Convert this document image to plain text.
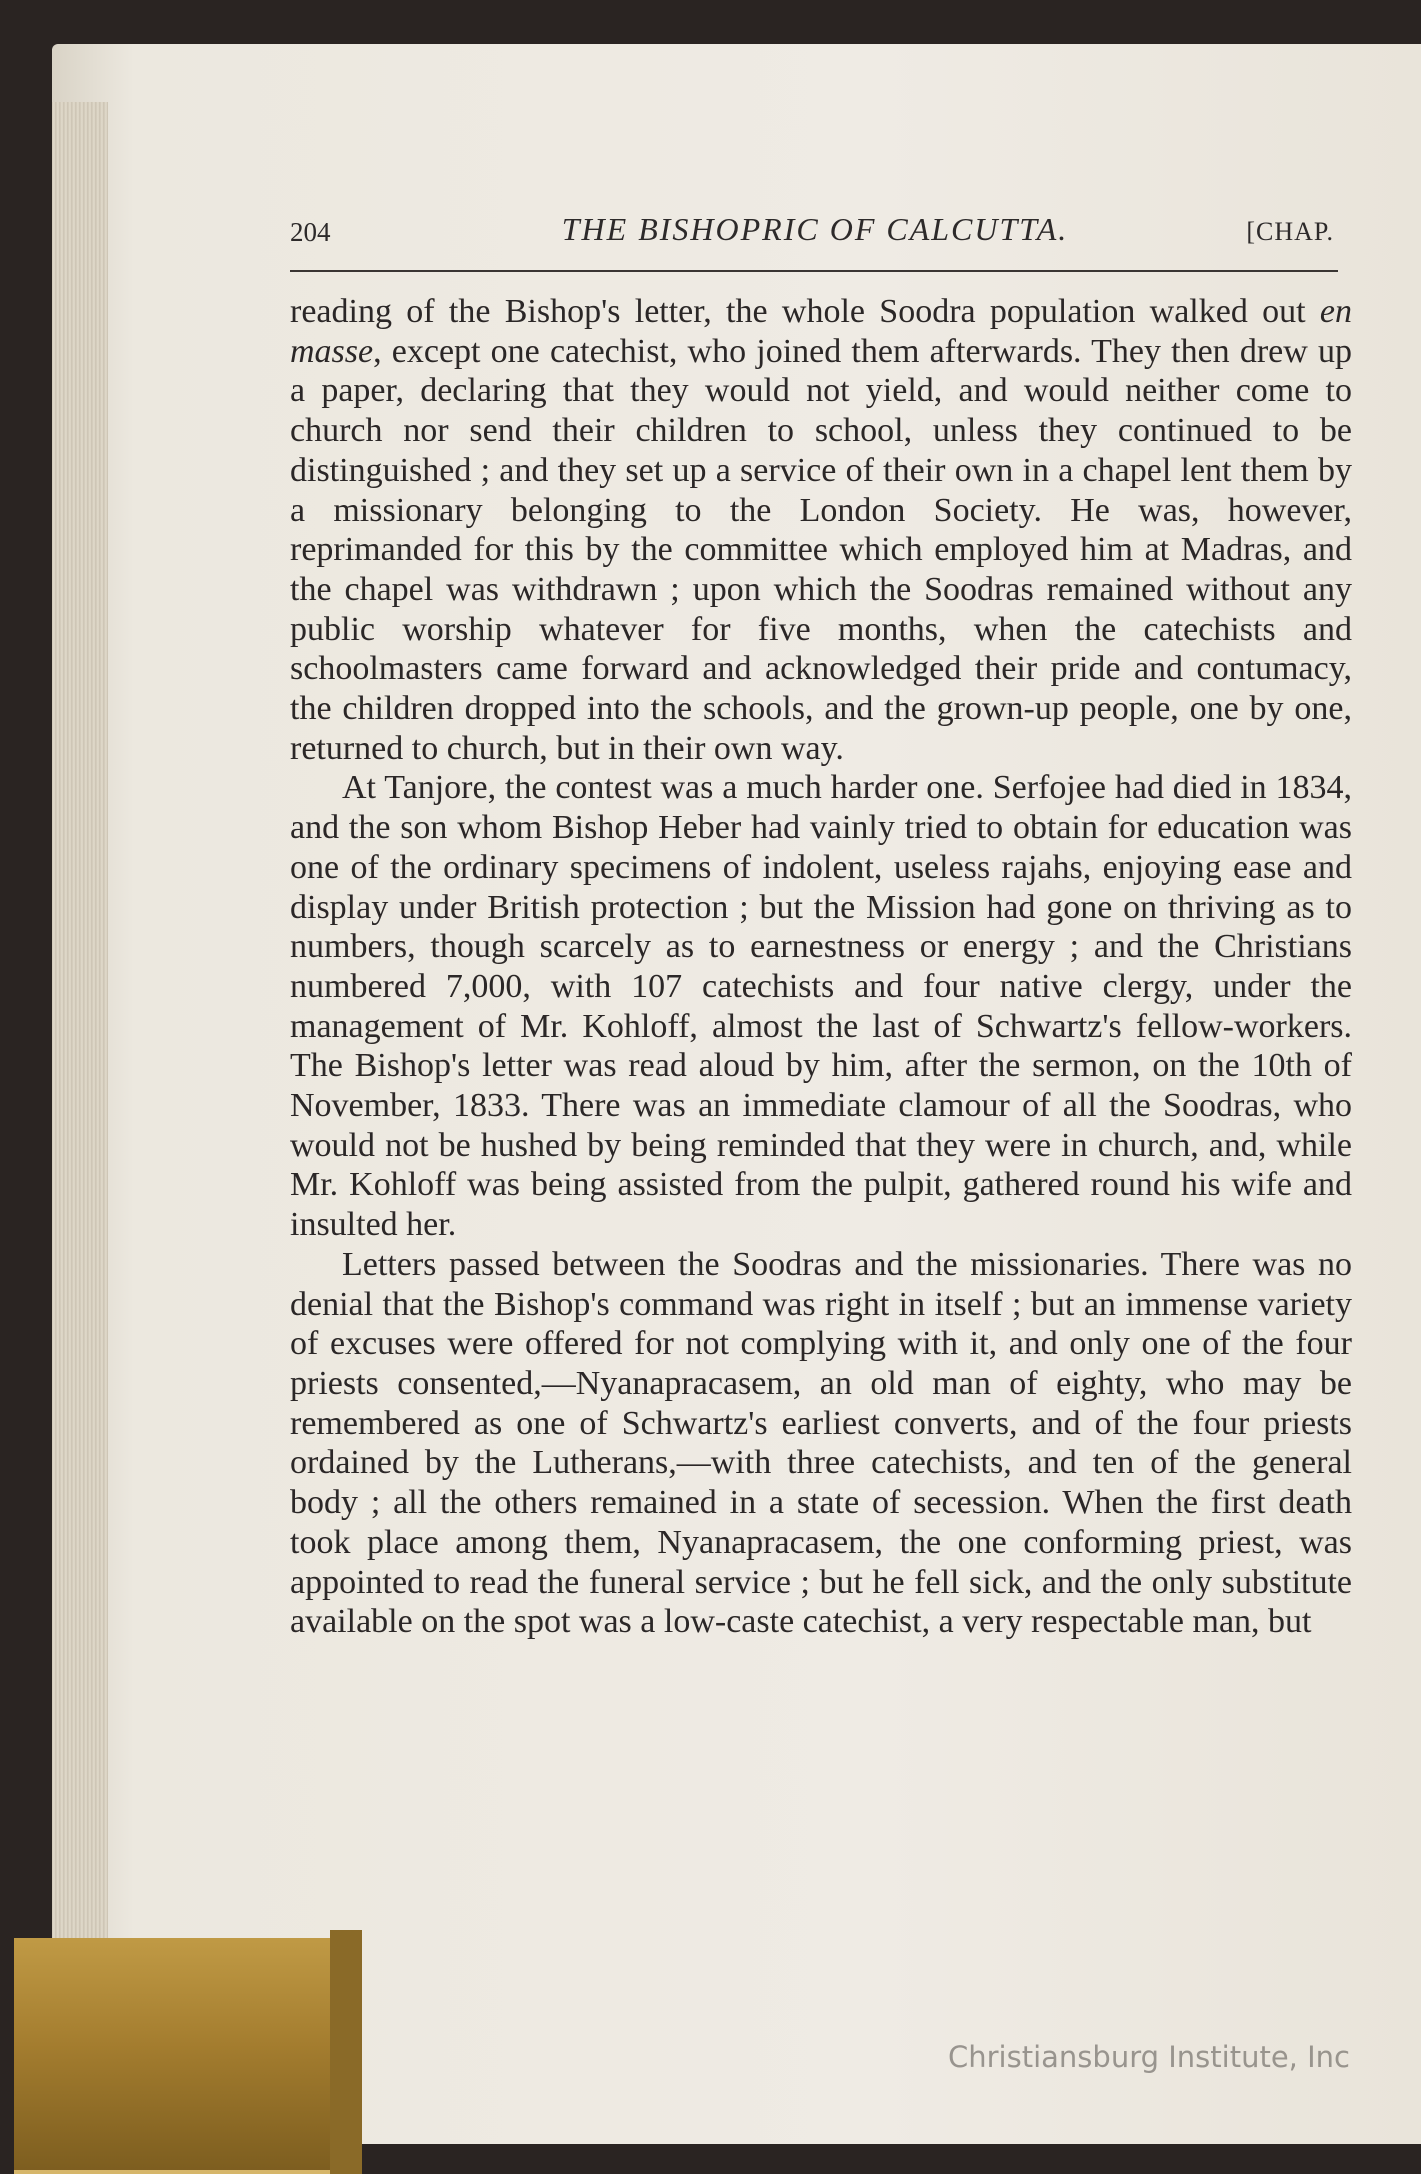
204	THE BISHOPRIC OF CALCUTTA.	[CHAP.

reading of the Bishop's letter, the whole Soodra population walked out en masse, except one catechist, who joined them afterwards. They then drew up a paper, declaring that they would not yield, and would neither come to church nor send their children to school, unless they continued to be distinguished ; and they set up a service of their own in a chapel lent them by a missionary belonging to the London Society. He was, however, reprimanded for this by the committee which employed him at Madras, and the chapel was withdrawn ; upon which the Soodras remained without any public worship whatever for five months, when the catechists and schoolmasters came forward and acknowledged their pride and contumacy, the children dropped into the schools, and the grown-up people, one by one, returned to church, but in their own way.

At Tanjore, the contest was a much harder one. Serfojee had died in 1834, and the son whom Bishop Heber had vainly tried to obtain for education was one of the ordinary specimens of indolent, useless rajahs, enjoying ease and display under British protection ; but the Mission had gone on thriving as to numbers, though scarcely as to earnestness or energy ; and the Christians numbered 7,000, with 107 catechists and four native clergy, under the management of Mr. Kohloff, almost the last of Schwartz's fellow-workers. The Bishop's letter was read aloud by him, after the sermon, on the 10th of November, 1833. There was an immediate clamour of all the Soodras, who would not be hushed by being reminded that they were in church, and, while Mr. Kohloff was being assisted from the pulpit, gathered round his wife and insulted her.

Letters passed between the Soodras and the missionaries. There was no denial that the Bishop's command was right in itself ; but an immense variety of excuses were offered for not complying with it, and only one of the four priests consented,—Nyanapracasem, an old man of eighty, who may be remembered as one of Schwartz's earliest converts, and of the four priests ordained by the Lutherans,—with three catechists, and ten of the general body ; all the others remained in a state of secession. When the first death took place among them, Nyanapracasem, the one conforming priest, was appointed to read the funeral service ; but he fell sick, and the only substitute available on the spot was a low-caste catechist, a very respectable man, but

Christiansburg Institute, Inc
